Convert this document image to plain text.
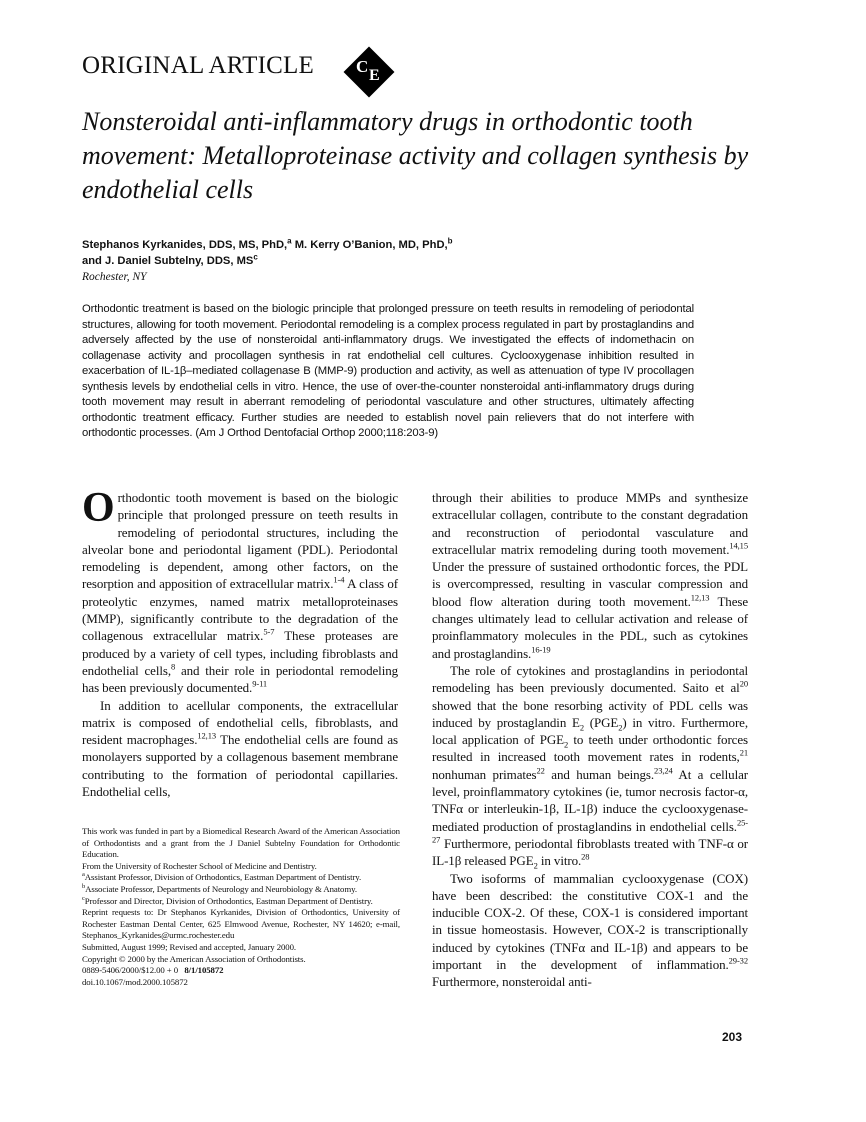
ORIGINAL ARTICLE C E
Nonsteroidal anti-inflammatory drugs in orthodontic tooth
movement: Metalloproteinase activity and collagen synthesis by
endothelial cells
Stephanos Kyrkanides, DDS, MS, PhD,$^a$ M. Kerry O’Banion, MD, PhD,$^b$
and J. Daniel Subtelny, DDS, $MS^c$
Rochester, NY
Orthodontic treatment is based on the biologic principle that prolonged pressure on teeth results in remodeling of periodontal structures, allowing for tooth movement. Periodontal remodeling is a complex process regulated in part by prostaglandins and adversely affected by the use of nonsteroidal anti-inflammatory drugs. We investigated the effects of indomethacin on collagenase activity and procollagen synthesis in rat endothelial cell cultures. Cyclooxygenase inhibition resulted in exacerbation of IL-1β–mediated collagenase B (MMP-9) production and activity, as well as attenuation of type IV procollagen synthesis levels by endothelial cells in vitro. Hence, the use of over-the-counter nonsteroidal anti-inflammatory drugs during tooth movement may result in aberrant remodeling of periodontal vasculature and other structures, ultimately affecting orthodontic treatment efficacy. Further studies are needed to establish novel pain relievers that do not interfere with orthodontic processes. (Am J Orthod Dentofacial Orthop 2000;118:203-9)

Orthodontic tooth movement is based on the biologic principle that prolonged pressure on teeth results in remodeling of periodontal structures, including the alveolar bone and periodontal ligament (PDL). Periodontal remodeling is dependent, among other factors, on the resorption and apposition of extracellular matrix.$^{1-4}$ A class of proteolytic enzymes, named matrix metalloproteinases (MMP), significantly contribute to the degradation of the collagenous extracellular matrix.$^{5-7}$ These proteases are produced by a variety of cell types, including fibroblasts and endothelial cells,$^8$ and their role in periodontal remodeling has been previously documented.$^{9-11}$

In addition to acellular components, the extracellular matrix is composed of endothelial cells, fibroblasts, and resident macrophages.$^{12,13}$ The endothelial cells are found as monolayers supported by a collagenous basement membrane contributing to the formation of periodontal capillaries. Endothelial cells,

This work was funded in part by a Biomedical Research Award of the American Association of Orthodontists and a grant from the J Daniel Subtelny Foundation for Orthodontic Education.
From the University of Rochester School of Medicine and Dentistry.
$^a$Assistant Professor, Division of Orthodontics, Eastman Department of Dentistry.
$^b$Associate Professor, Departments of Neurology and Neurobiology & Anatomy.
$^c$Professor and Director, Division of Orthodontics, Eastman Department of Dentistry.
Reprint requests to: Dr Stephanos Kyrkanides, Division of Orthodontics, University of Rochester Eastman Dental Center, 625 Elmwood Avenue, Rochester, NY 14620; e-mail, Stephanos_Kyrkanides@urmc.rochester.edu
Submitted, August 1999; Revised and accepted, January 2000.
Copyright © 2000 by the American Association of Orthodontists.
0889-5406/2000/$12.00 + 0 8/1/105872
doi.10.1067/mod.2000.105872

through their abilities to produce MMPs and synthesize extracellular collagen, contribute to the constant degradation and reconstruction of periodontal vasculature and extracellular matrix remodeling during tooth movement.$^{14,15}$ Under the pressure of sustained orthodontic forces, the PDL is overcompressed, resulting in vascular compression and blood flow alteration during tooth movement.$^{12,13}$ These changes ultimately lead to cellular activation and release of proinflammatory molecules in the PDL, such as cytokines and prostaglandins.$^{16-19}$

The role of cytokines and prostaglandins in periodontal remodeling has been previously documented. Saito et $al^{20}$ showed that the bone resorbing activity of PDL cells was induced by prostaglandin $E_2$ $(PGE_2)$ in vitro. Furthermore, local application of $PGE_2$ to teeth under orthodontic forces resulted in increased tooth movement rates in rodents,$^{21}$ nonhuman primates$^{22}$ and human beings.$^{23,24}$ At a cellular level, proinflammatory cytokines (ie, tumor necrosis factor-α, TNFα or interleukin-1β, IL-1β) induce the cyclooxygenase-mediated production of prostaglandins in endothelial cells.$^{25-27}$ Furthermore, periodontal fibroblasts treated with TNF-α or IL-1β released $PGE_2$ in vitro.$^{28}$

Two isoforms of mammalian cyclooxygenase (COX) have been described: the constitutive COX-1 and the inducible COX-2. Of these, COX-1 is considered important in tissue homeostasis. However, COX-2 is transcriptionally induced by cytokines (TNFα and IL-1β) and appears to be important in the development of inflammation.$^{29-32}$ Furthermore, nonsteroidal anti-

203
